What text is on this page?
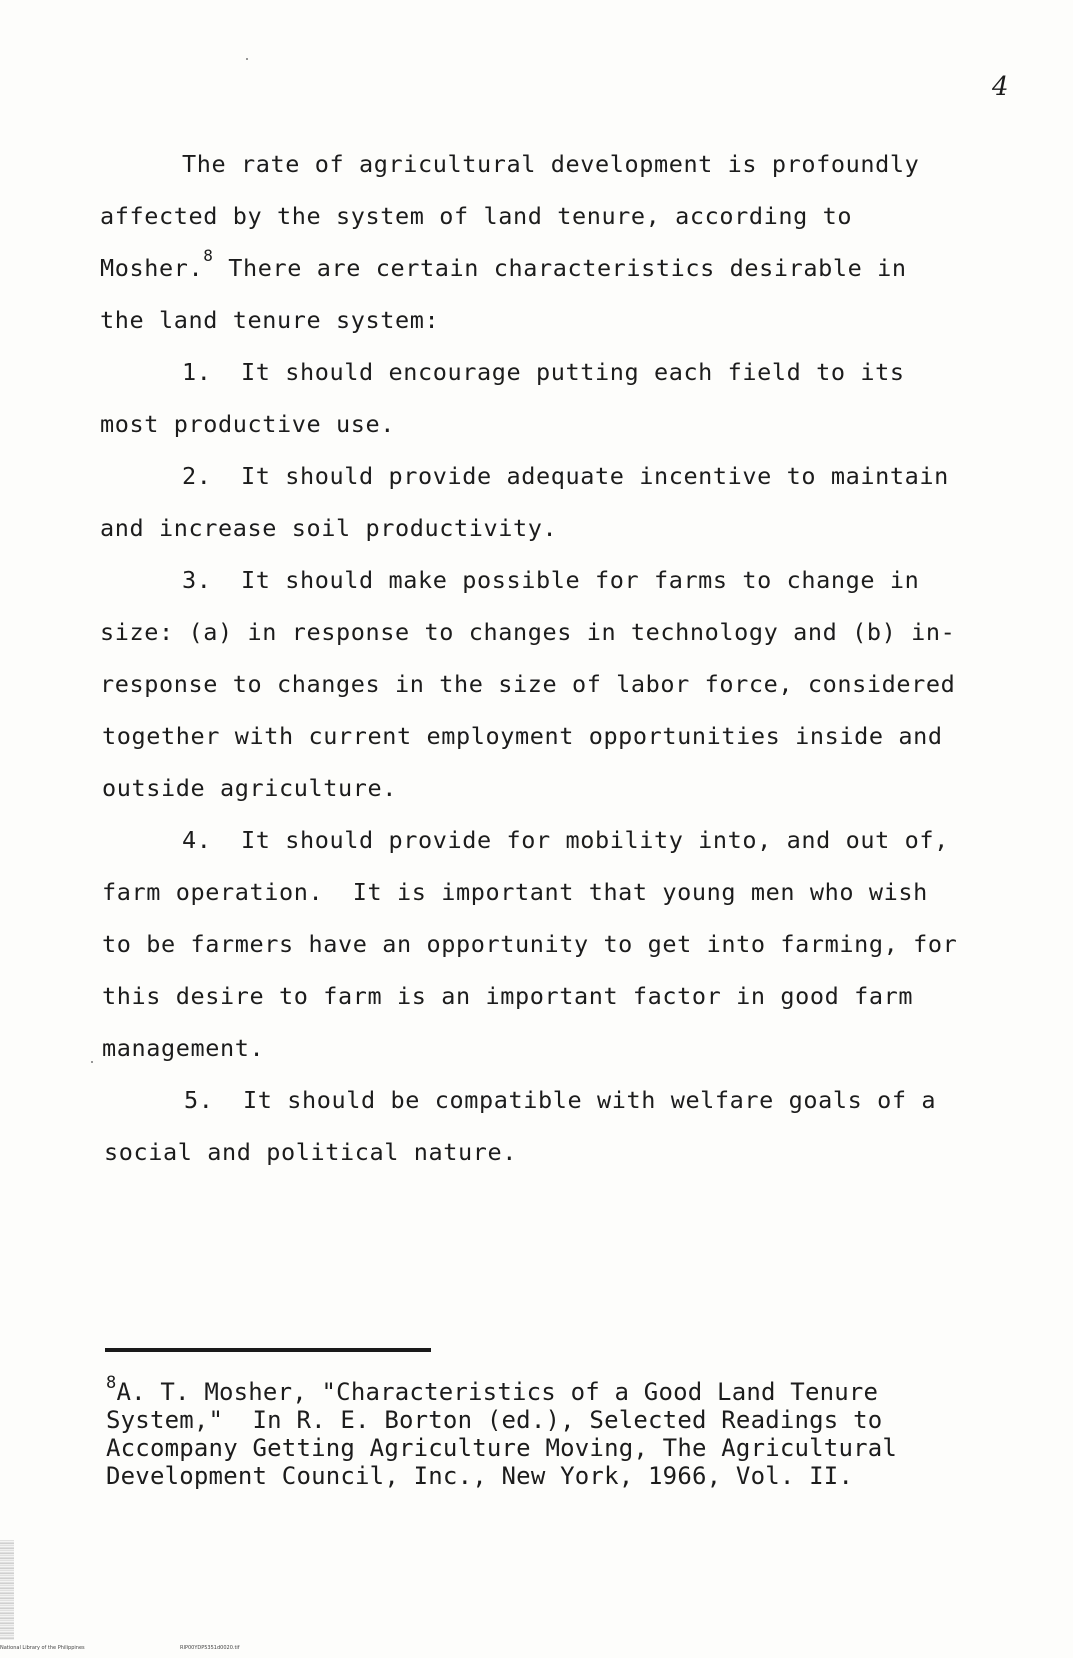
4
The rate of agricultural development is profoundly
affected by the system of land tenure, according to
Mosher.$^8$ There are certain characteristics desirable in
the land tenure system:
1.  It should encourage putting each field to its
most productive use.
2.  It should provide adequate incentive to maintain
and increase soil productivity.
3.  It should make possible for farms to change in
size: (a) in response to changes in technology and (b) in-
response to changes in the size of labor force, considered
together with current employment opportunities inside and
outside agriculture.
4.  It should provide for mobility into, and out of,
farm operation.  It is important that young men who wish
to be farmers have an opportunity to get into farming, for
this desire to farm is an important factor in good farm
management.
5.  It should be compatible with welfare goals of a
social and political nature.
$^8$A. T. Mosher, "Characteristics of a Good Land Tenure
System,"  In R. E. Borton (ed.), Selected Readings to
Accompany Getting Agriculture Moving, The Agricultural
Development Council, Inc., New York, 1966, Vol. II.
National Library of the Philippines	RIP00YDP5351d0020.tif
